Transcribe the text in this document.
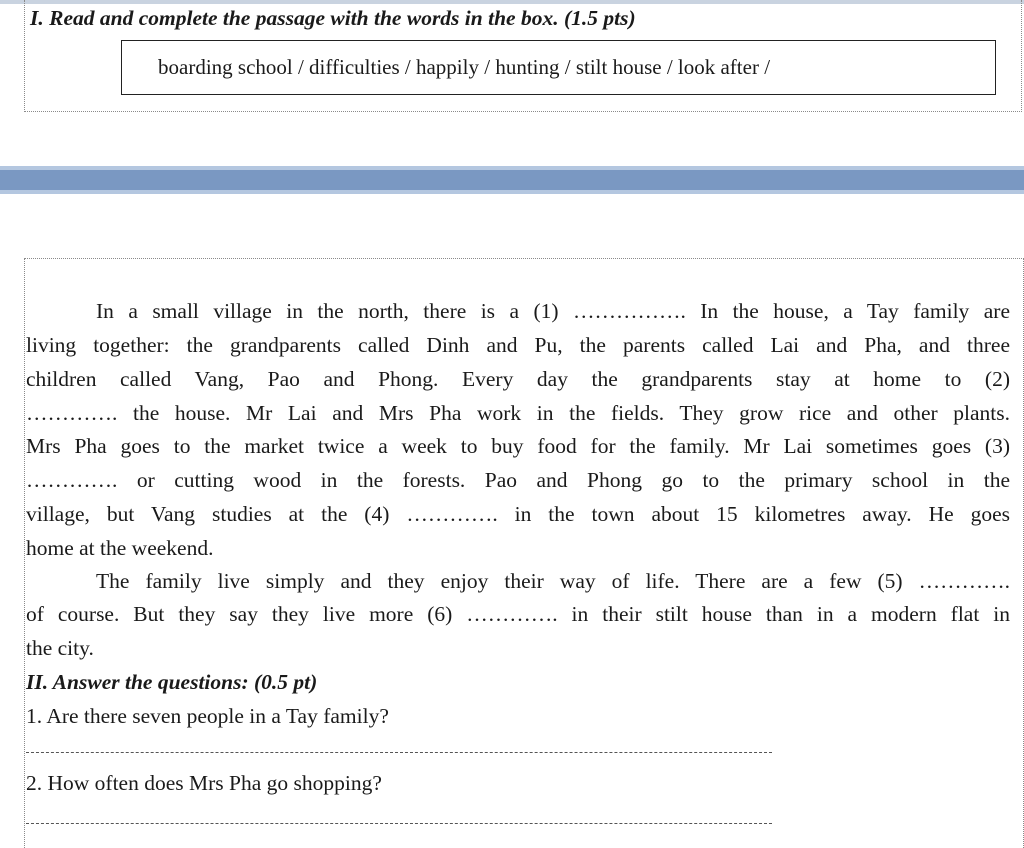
I. Read and complete the passage with the words in the box. (1.5 pts)
boarding school / difficulties / happily / hunting / stilt house / look after /
In a small village in the north, there is a (1) ……………. In the house, a Tay family are
living together: the grandparents called Dinh and Pu, the parents called Lai and Pha, and three
children called Vang, Pao and Phong. Every day the grandparents stay at home to (2)
…………. the house. Mr Lai and Mrs Pha work in the fields. They grow rice and other plants.
Mrs Pha goes to the market twice a week to buy food for the family. Mr Lai sometimes goes (3)
…………. or cutting wood in the forests. Pao and Phong go to the primary school in the
village, but Vang studies at the (4) …………. in the town about 15 kilometres away. He goes
home at the weekend.
The family live simply and they enjoy their way of life. There are a few (5) ………….
of course. But they say they live more (6) …………. in their stilt house than in a modern flat in
the city.
II. Answer the questions: (0.5 pt)
1. Are there seven people in a Tay family?
2. How often does Mrs Pha go shopping?
